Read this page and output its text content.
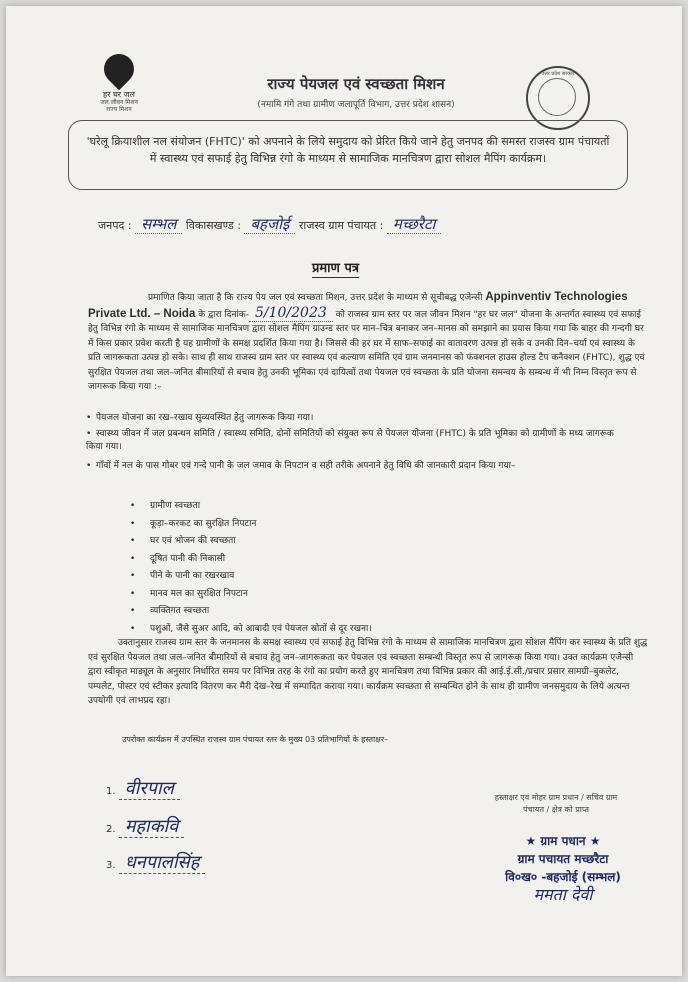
हर घर जल
जल जीवन मिशन
राज्य मिशन
राज्य पेयजल एवं स्वच्छता मिशन
(नमामि गंगे तथा ग्रामीण जलापूर्ति विभाग, उत्तर प्रदेश शासन)
उत्तर प्रदेश सरकार
'घरेलू क्रियाशील नल संयोजन (FHTC)' को अपनाने के लिये समुदाय को प्रेरित किये जाने हेतु जनपद की समस्त राजस्व ग्राम पंचायतों में स्वास्थ्य एवं सफाई हेतु विभिन्न रंगो के माध्यम से सामाजिक मानचित्रण द्वारा सोशल मैपिंग कार्यक्रम।
जनपद : सम्भल विकासखण्ड : बहजोई राजस्व ग्राम पंचायत : मच्छरैटा
प्रमाण पत्र
प्रमाणित किया जाता है कि राज्य पेय जल एवं स्वच्छता मिशन, उत्तर प्रदेश के माध्यम से सूचीबद्ध एजेन्सी Appinventiv Technologies Private Ltd. – Noida के द्वारा दिनांक- 5/10/2023 को राजस्व ग्राम स्तर पर जल जीवन मिशन "हर घर जल" योजना के अन्तर्गत स्वास्थ्य एवं सफाई हेतु विभिन्न रंगो के माध्यम से सामाजिक मानचित्रण द्वारा सोशल मैपिंग ग्राउन्ड स्तर पर मान–चित्र बनाकर जन–मानस को समझाने का प्रयास किया गया कि बाहर की गन्दगी घर में किस प्रकार प्रवेश करती है यह ग्रामीणों के समक्ष प्रदर्शित किया गया है। जिससे की हर घर में साफ–सफाई का वातावरण उत्पन्न हो सके व उनकी दिन–चर्या एवं स्वास्थ्य के प्रति जागरूकता उत्पन्न हो सके। साथ ही साथ राजस्व ग्राम स्तर पर स्वास्थ्य एवं कल्याण समिति एवं ग्राम जनमानस को फंक्शनल हाउस होल्ड टैप कनैक्शन (FHTC), शुद्ध एवं सुरक्षित पेयजल तथा जल–जनित बीमारियों से बचाव हेतु उनकी भूमिका एवं दायित्वों तथा पेयजल एवं स्वच्छता के प्रति योजना समन्वय के सम्बन्ध में भी निम्न विस्तृत रूप से जागरूक किया गया :–
• पेयजल योजना का रख–रखाव सुव्यवस्थित हेतु जागरूक किया गया।
• स्वास्थ्य जीवन में जल प्रबन्धन समिति / स्वास्थ्य समिति, दोनों समितियों को संयुक्त रूप से पेयजल योजना (FHTC) के प्रति भूमिका को ग्रामीणों के मध्य जागरूक किया गया।
• गाँवों में नल के पास गोबर एवं गन्दे पानी के जल जमाव के निपटान व सही तरीके अपनाने हेतु विधि की जानकारी प्रदान किया गया–
• ग्रामीण स्वच्छता
• कूड़ा–करकट का सुरक्षित निपटान
• घर एवं भोजन की स्वच्छता
• दूषित पानी की निकासी
• पीने के पानी का रखरखाव
• मानव मल का सुरक्षित निपटान
• व्यक्तिगत स्वच्छता
• पशुओं, जैसे सुअर आदि, को आबादी एवं पेयजल स्रोतों से दूर रखना।
उक्तानुसार राजस्व ग्राम स्तर के जनमानस के समक्ष स्वास्थ्य एवं सफाई हेतु विभिन्न रंगो के माध्यम से सामाजिक मानचित्रण द्वारा सोशल मैपिंग कर स्वास्थ्य के प्रति शुद्ध एवं सुरक्षित पेयजल तथा जल–जनित बीमारियों से बचाव हेतु जन–जागरूकता कर पेयजल एवं स्वच्छता सम्बन्धी विस्तृत रूप से जागरूक किया गया। उक्त कार्यक्रम एजेन्सी द्वारा स्वीकृत माड्यूल के अनुसार निर्धारित समय पर विभिन्न तरह के रंगो का प्रयोग करते हुए मानचित्रण तथा विभिन्न प्रकार की आई.ई.सी./प्रचार प्रसार सामग्री–बुकलेट, पम्पलेट, पोस्टर एवं स्टीकर इत्यादि वितरण कर मैरी देख–रेख में सम्पादित कराया गया। कार्यक्रम स्वच्छता से सम्बन्धित होने के साथ ही ग्रामीण जनसमुदाय के लिये अत्यन्त उपयोगी एवं लाभप्रद रहा।
उपरोक्त कार्यक्रम में उपस्थित राजस्व ग्राम पंचायत स्तर के मुख्य 03 प्रतिभागियों के हस्ताक्षर–
1. वीरपाल
2. महाकवि
3. धनपालसिंह
हस्ताक्षर एवं मोहर ग्राम प्रधान / सचिव ग्राम पंचायत / क्षेत्र को प्राप्त
★ ग्राम पधान ★
ग्राम पचायत मच्छरैटा
वि०ख० -बहजोई (सम्भल)
ममता देवी
